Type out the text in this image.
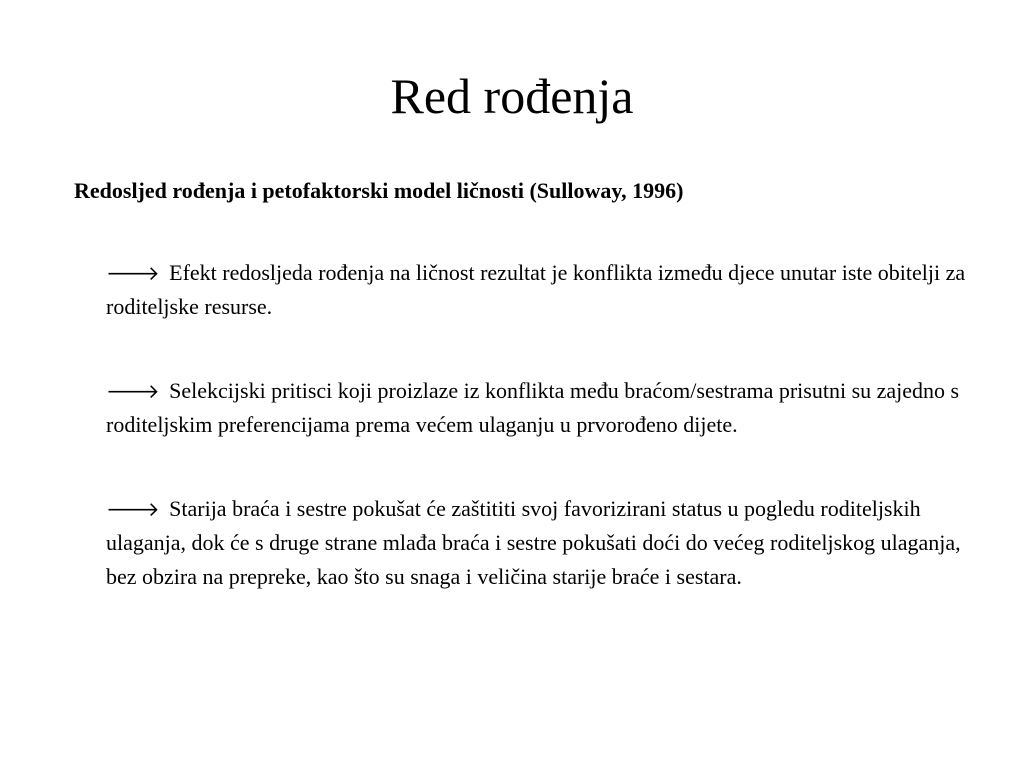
Red rođenja

Redosljed rođenja i petofaktorski model ličnosti (Sulloway, 1996)

🡒 Efekt redosljeda rođenja na ličnost rezultat je konflikta između djece unutar iste obitelji za roditeljske resurse.
🡒 Selekcijski pritisci koji proizlaze iz konflikta među braćom/sestrama prisutni su zajedno s roditeljskim preferencijama prema većem ulaganju u prvorođeno dijete.
🡒 Starija braća i sestre pokušat će zaštititi svoj favorizirani status u pogledu roditeljskih ulaganja, dok će s druge strane mlađa braća i sestre pokušati doći do većeg roditeljskog ulaganja, bez obzira na prepreke, kao što su snaga i veličina starije braće i sestara.
